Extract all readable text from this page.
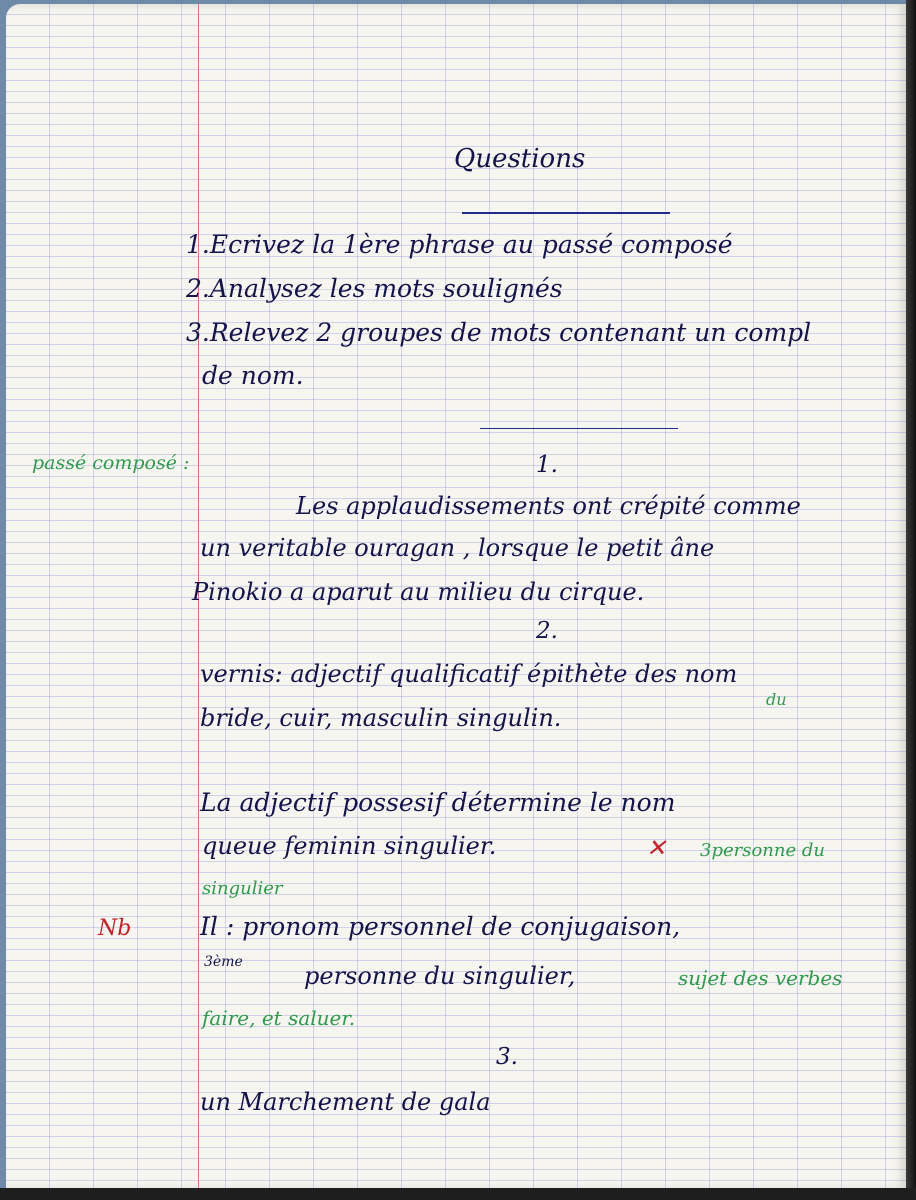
Questions
1.Ecrivez la 1ère phrase au passé composé
2.Analysez les mots soulignés
3.Relevez 2 groupes de mots contenant un compl
de nom.
passé composé :	1.
Les applaudissements ont crépité comme
un veritable ouragan , lorsque le petit âne
Pinokio a aparut au milieu du cirque.
2.
vernis: adjectif qualificatif épithète des nom
du
bride, cuir, masculin singulin.
La adjectif possesif détermine le nom
queue feminin singulier.	✕ 3personne du
singulier
Nb	Il : pronom personnel de conjugaison,
3ème	personne du singulier,	sujet des verbes
faire, et saluer.
3.
un Marchement de gala
